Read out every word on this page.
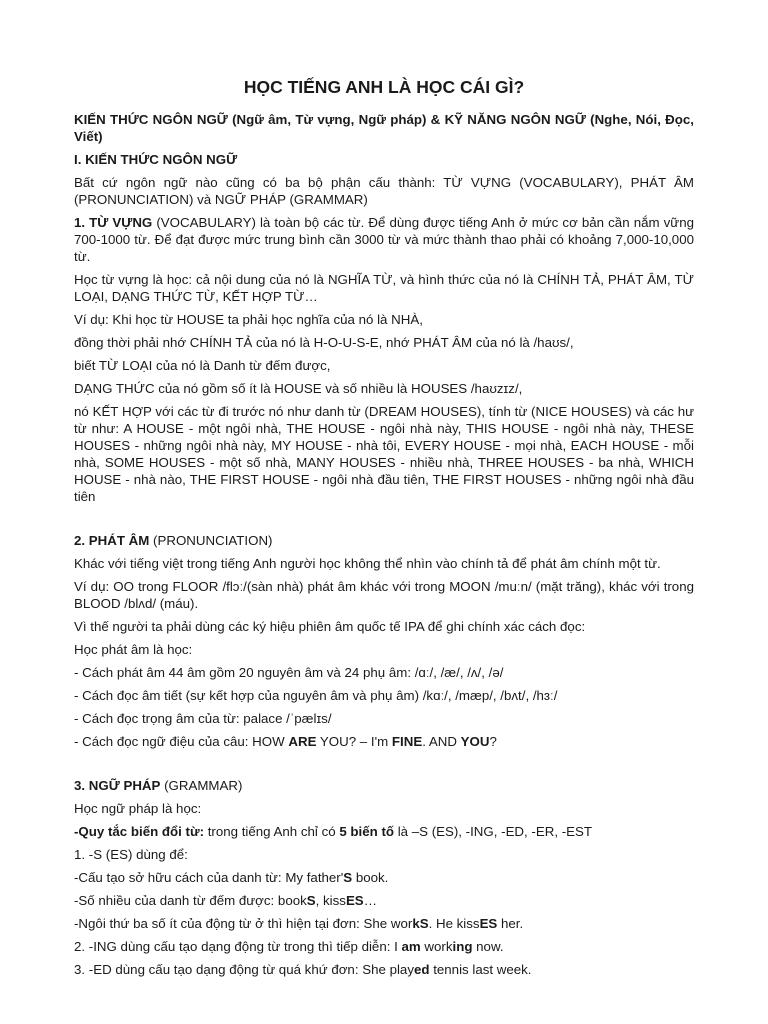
HỌC TIẾNG ANH LÀ HỌC CÁI GÌ?

KIẾN THỨC NGÔN NGỮ (Ngữ âm, Từ vựng, Ngữ pháp) & KỸ NĂNG NGÔN NGỮ (Nghe, Nói, Đọc, Viết)

I. KIẾN THỨC NGÔN NGỮ

Bất cứ ngôn ngữ nào cũng có ba bộ phận cấu thành: TỪ VỰNG (VOCABULARY), PHÁT ÂM (PRONUNCIATION) và NGỮ PHÁP (GRAMMAR)

1. TỪ VỰNG (VOCABULARY) là toàn bộ các từ. Để dùng được tiếng Anh ở mức cơ bản cần nắm vững 700-1000 từ. Để đạt được mức trung bình cần 3000 từ và mức thành thao phải có khoảng 7,000-10,000 từ.

Học từ vựng là học: cả nội dung của nó là NGHĨA TỪ, và hình thức của nó là CHÍNH TẢ, PHÁT ÂM, TỪ LOẠI, DẠNG THỨC TỪ, KẾT HỢP TỪ…

Ví dụ: Khi học từ HOUSE ta phải học nghĩa của nó là NHÀ,

đồng thời phải nhớ CHÍNH TẢ của nó là H-O-U-S-E, nhớ PHÁT ÂM của nó là /haʊs/,

biết TỪ LOẠI của nó là Danh từ đếm được,

DẠNG THỨC của nó gồm số ít là HOUSE và số nhiều là HOUSES /haʊzɪz/,

nó KẾT HỢP với các từ đi trước nó như danh từ (DREAM HOUSES), tính từ (NICE HOUSES) và các hư từ như: A HOUSE - một ngôi nhà, THE HOUSE - ngôi nhà này, THIS HOUSE - ngôi nhà này, THESE HOUSES - những ngôi nhà này, MY HOUSE - nhà tôi, EVERY HOUSE - mọi nhà, EACH HOUSE - mỗi nhà, SOME HOUSES - một số nhà, MANY HOUSES - nhiều nhà, THREE HOUSES - ba nhà, WHICH HOUSE - nhà nào, THE FIRST HOUSE - ngôi nhà đầu tiên, THE FIRST HOUSES - những ngôi nhà đầu tiên

2. PHÁT ÂM (PRONUNCIATION)

Khác với tiếng việt trong tiếng Anh người học không thể nhìn vào chính tả để phát âm chính một từ.

Ví dụ: OO trong FLOOR /flɔː/(sàn nhà) phát âm khác với trong MOON /muːn/ (mặt trăng), khác với trong BLOOD /blʌd/ (máu).

Vì thế người ta phải dùng các ký hiệu phiên âm quốc tế IPA để ghi chính xác cách đọc:

Học phát âm là học:

- Cách phát âm 44 âm gồm 20 nguyên âm và 24 phụ âm: /ɑː/, /æ/, /ʌ/, /ə/

- Cách đọc âm tiết (sự kết hợp của nguyên âm và phụ âm) /kɑː/, /mæp/, /bʌt/, /hɜː/

- Cách đọc trọng âm của từ: palace /ˈpælɪs/

- Cách đọc ngữ điệu của câu: HOW ARE YOU? – I'm FINE. AND YOU?

3. NGỮ PHÁP (GRAMMAR)

Học ngữ pháp là học:

-Quy tắc biến đổi từ: trong tiếng Anh chỉ có 5 biến tố là –S (ES), -ING, -ED, -ER, -EST

1. -S (ES) dùng để:

-Cấu tạo sở hữu cách của danh từ: My father'S book.

-Số nhiều của danh từ đếm được: bookS, kissES…

-Ngôi thứ ba số ít của động từ ở thì hiện tại đơn: She workS. He kissES her.

2. -ING dùng cấu tạo dạng động từ trong thì tiếp diễn: I am working now.

3. -ED dùng cấu tạo dạng động từ quá khứ đơn: She played tennis last week.
